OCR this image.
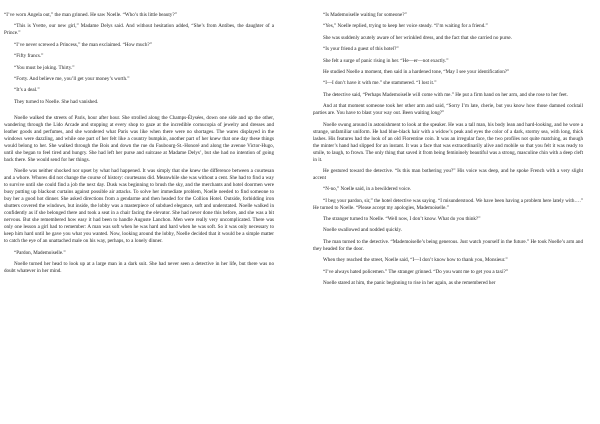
“I’ve worn Angela out,” the man grinned. He saw Noelle. “Who’s this little beauty?”

“This is Yvette, our new girl,” Madame Delys said. And without hesitation added, “She’s from Antibes, the daughter of a Prince.”

“I’ve never screwed a Princess,” the man exclaimed. “How much?”

“Fifty francs.”

“You must be joking. Thirty.”

“Forty. And believe me, you’ll get your money’s worth.”

“It’s a deal.”

They turned to Noelle. She had vanished.

Noelle walked the streets of Paris, hour after hour. She strolled along the Champs-Élysées, down one side and up the other, wandering through the Lido Arcade and stopping at every shop to gaze at the incredible cornucopia of jewelry and dresses and leather goods and perfumes, and she wondered what Paris was like when there were no shortages. The wares displayed in the windows were dazzling, and while one part of her felt like a country bumpkin, another part of her knew that one day these things would belong to her. She walked through the Bois and down the rue du Faubourg-St.-Honoré and along the avenue Victor-Hugo, until she began to feel tired and hungry. She had left her purse and suitcase at Madame Delys’, but she had no intention of going back there. She would send for her things.

Noelle was neither shocked nor upset by what had happened. It was simply that she knew the difference between a courtesan and a whore. Whores did not change the course of history: courtesans did. Meanwhile she was without a cent. She had to find a way to survive until she could find a job the next day. Dusk was beginning to brush the sky, and the merchants and hotel doormen were busy putting up blackout curtains against possible air attacks. To solve her immediate problem, Noelle needed to find someone to buy her a good hot dinner. She asked directions from a gendarme and then headed for the Collion Hotel. Outside, forbidding iron shutters covered the windows, but inside, the lobby was a masterpiece of subdued elegance, soft and understated. Noelle walked in confidently as if she belonged there and took a seat in a chair facing the elevator. She had never done this before, and she was a bit nervous. But she remembered how easy it had been to handle Auguste Lanchon. Men were really very uncomplicated. There was only one lesson a girl had to remember: A man was soft when he was hard and hard when he was soft. So it was only necessary to keep him hard until he gave you what you wanted. Now, looking around the lobby, Noelle decided that it would be a simple matter to catch the eye of an unattached male on his way, perhaps, to a lonely dinner.

“Pardon, Mademoiselle.”

Noelle turned her head to look up at a large man in a dark suit. She had never seen a detective in her life, but there was no doubt whatever in her mind.

“Is Mademoiselle waiting for someone?”

“Yes,” Noelle replied, trying to keep her voice steady. “I’m waiting for a friend.”

She was suddenly acutely aware of her wrinkled dress, and the fact that she carried no purse.

“Is your friend a guest of this hotel?”

She felt a surge of panic rising in her. “He—er—not exactly.”

He studied Noelle a moment, then said in a hardened tone, “May I see your identification?”

“I—I don’t have it with me.” she stammered. “I lost it.”

The detective said, “Perhaps Mademoiselle will come with me.” He put a firm hand on her arm, and she rose to her feet.

And at that moment someone took her other arm and said, “Sorry I’m late, cherie, but you know how those damned cocktail parties are. You have to blast your way out. Been waiting long?”

Noelle swung around in astonishment to look at the speaker. He was a tall man, his body lean and hard-looking, and he wore a strange, unfamiliar uniform. He had blue-black hair with a widow’s peak and eyes the color of a dark, stormy sea, with long, thick lashes. His features had the look of an old Florentine coin. It was an irregular face, the two profiles not quite matching, as though the minter’s hand had slipped for an instant. It was a face that was extraordinarily alive and mobile so that you felt it was ready to smile, to laugh, to frown. The only thing that saved it from being femininely beautiful was a strong, masculine chin with a deep cleft in it.

He gestured toward the detective. “Is this man bothering you?” His voice was deep, and he spoke French with a very slight accent

“N-no,” Noelle said, in a bewildered voice.

“I beg your pardon, sir,” the hotel detective was saying. “I misunderstood. We have been having a problem here lately with….” He turned to Noelle. “Please accept my apologies, Mademoiselle.”

The stranger turned to Noelle. “Well now, I don’t know. What do you think?”

Noelle swallowed and nodded quickly.

The man turned to the detective. “Mademoiselle’s being generous. Just watch yourself in the future.” He took Noelle’s arm and they headed for the door.

When they reached the street, Noelle said, “I—I don’t know how to thank you, Monsieur.”

“I’ve always hated policemen.” The stranger grinned. “Do you want me to get you a taxi?”

Noelle stared at him, the panic beginning to rise in her again, as she remembered her
